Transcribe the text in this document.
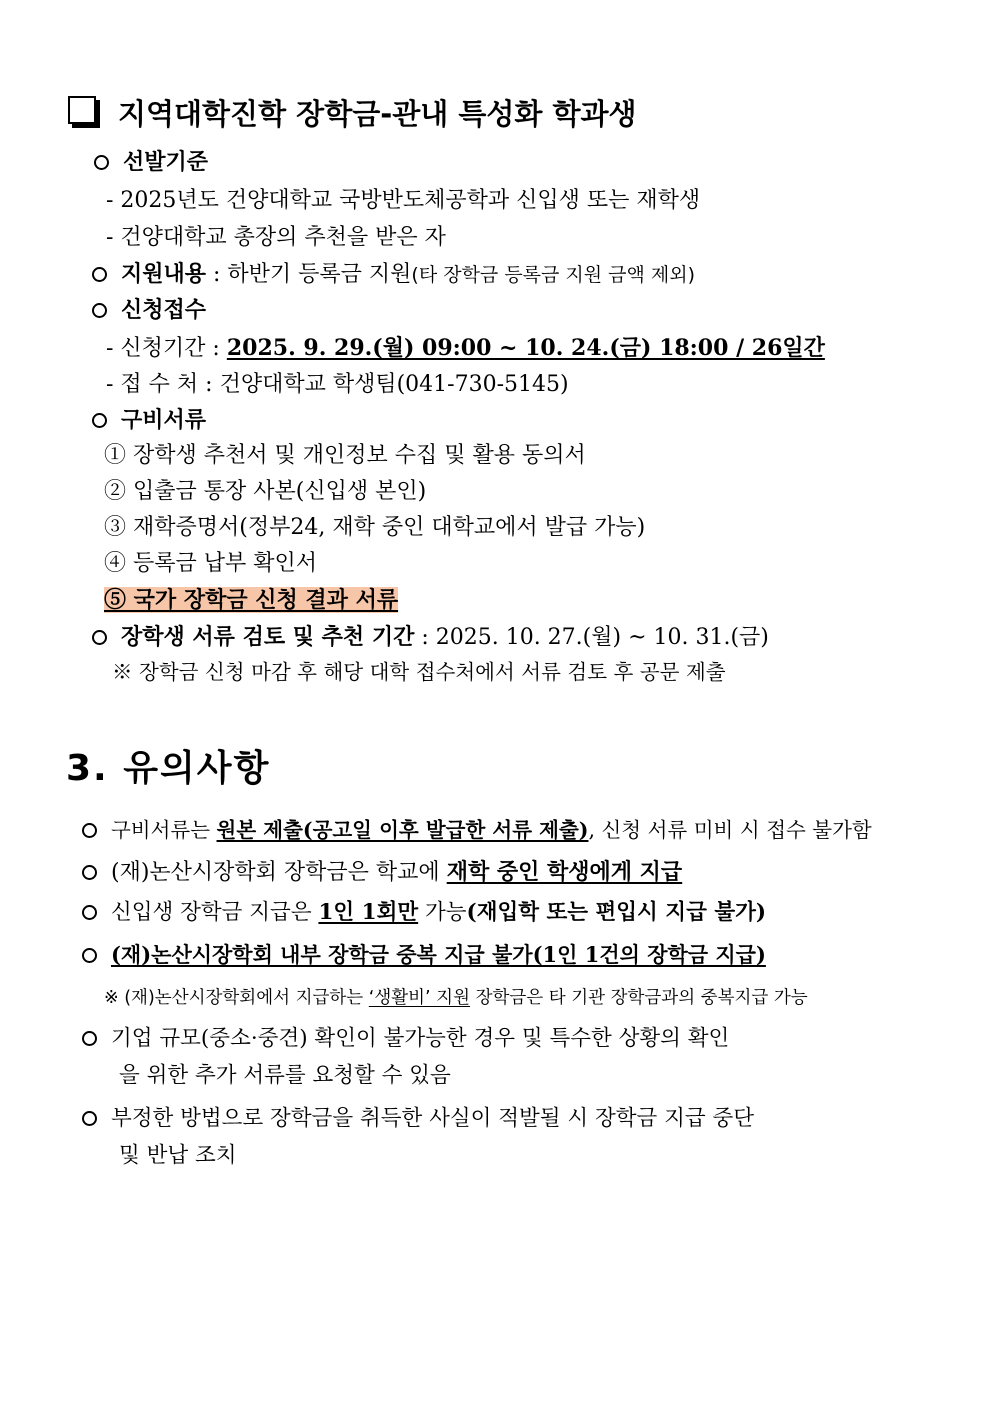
지역대학진학 장학금-관내 특성화 학과생
선발기준
- 2025년도 건양대학교 국방반도체공학과 신입생 또는 재학생
- 건양대학교 총장의 추천을 받은 자
지원내용 : 하반기 등록금 지원(타 장학금 등록금 지원 금액 제외)
신청접수
- 신청기간 : 2025. 9. 29.(월) 09:00 ~ 10. 24.(금) 18:00 / 26일간
- 접 수 처 : 건양대학교 학생팀(041-730-5145)
구비서류
① 장학생 추천서 및 개인정보 수집 및 활용 동의서
② 입출금 통장 사본(신입생 본인)
③ 재학증명서(정부24, 재학 중인 대학교에서 발급 가능)
④ 등록금 납부 확인서
⑤ 국가 장학금 신청 결과 서류
장학생 서류 검토 및 추천 기간 : 2025. 10. 27.(월) ~ 10. 31.(금)
※ 장학금 신청 마감 후 해당 대학 접수처에서 서류 검토 후 공문 제출
3. 유의사항
구비서류는 원본 제출(공고일 이후 발급한 서류 제출), 신청 서류 미비 시 접수 불가함
(재)논산시장학회 장학금은 학교에 재학 중인 학생에게 지급
신입생 장학금 지급은 1인 1회만 가능(재입학 또는 편입시 지급 불가)
(재)논산시장학회 내부 장학금 중복 지급 불가(1인 1건의 장학금 지급)
※ (재)논산시장학회에서 지급하는 ‘생활비’ 지원 장학금은 타 기관 장학금과의 중복지급 가능
기업 규모(중소·중견) 확인이 불가능한 경우 및 특수한 상황의 확인
을 위한 추가 서류를 요청할 수 있음
부정한 방법으로 장학금을 취득한 사실이 적발될 시 장학금 지급 중단
및 반납 조치
